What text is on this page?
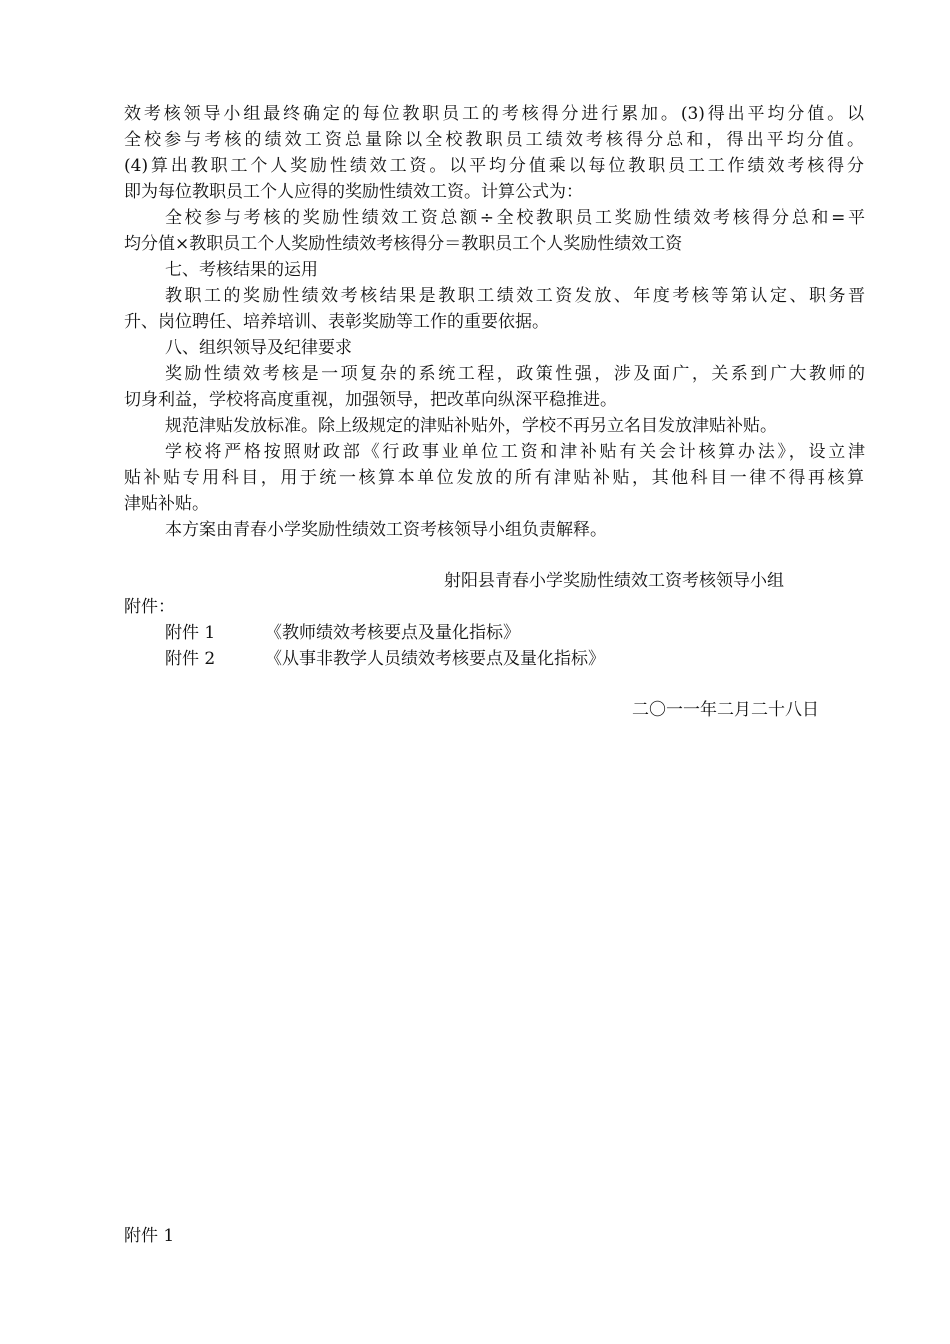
效考核领导小组最终确定的每位教职员工的考核得分进行累加。(3)得出平均分值。以
全校参与考核的绩效工资总量除以全校教职员工绩效考核得分总和，得出平均分值。
(4)算出教职工个人奖励性绩效工资。以平均分值乘以每位教职员工工作绩效考核得分
即为每位教职员工个人应得的奖励性绩效工资。计算公式为：
全校参与考核的奖励性绩效工资总额÷全校教职员工奖励性绩效考核得分总和=平
均分值×教职员工个人奖励性绩效考核得分＝教职员工个人奖励性绩效工资
七、考核结果的运用
教职工的奖励性绩效考核结果是教职工绩效工资发放、年度考核等第认定、职务晋
升、岗位聘任、培养培训、表彰奖励等工作的重要依据。
八、组织领导及纪律要求
奖励性绩效考核是一项复杂的系统工程，政策性强，涉及面广，关系到广大教师的
切身利益，学校将高度重视，加强领导，把改革向纵深平稳推进。
规范津贴发放标准。除上级规定的津贴补贴外，学校不再另立名目发放津贴补贴。
学校将严格按照财政部《行政事业单位工资和津补贴有关会计核算办法》，设立津
贴补贴专用科目，用于统一核算本单位发放的所有津贴补贴，其他科目一律不得再核算
津贴补贴。
本方案由青春小学奖励性绩效工资考核领导小组负责解释。
射阳县青春小学奖励性绩效工资考核领导小组
附件：
附件 1	《教师绩效考核要点及量化指标》
附件 2	《从事非教学人员绩效考核要点及量化指标》
二〇一一年二月二十八日
附件 1
